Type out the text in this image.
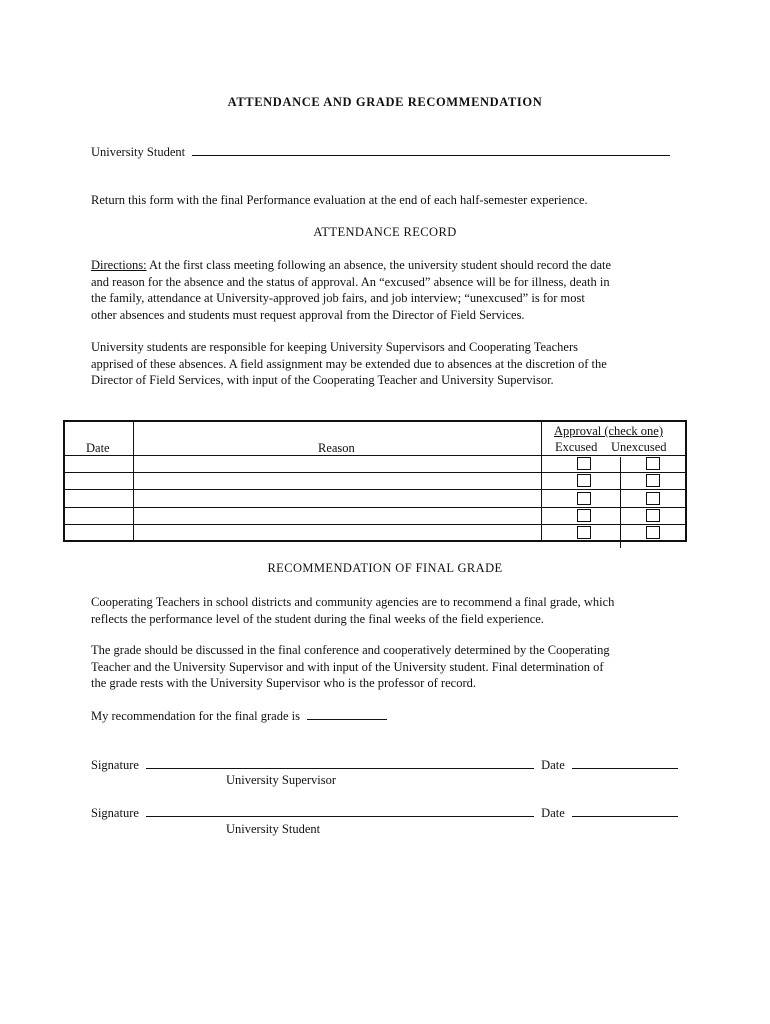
ATTENDANCE AND GRADE RECOMMENDATION
University Student
Return this form with the final Performance evaluation at the end of each half-semester experience.
ATTENDANCE RECORD
Directions: At the first class meeting following an absence, the university student should record the date
and reason for the absence and the status of approval. An “excused” absence will be for illness, death in
the family, attendance at University-approved job fairs, and job interview; “unexcused” is for most
other absences and students must request approval from the Director of Field Services.
University students are responsible for keeping University Supervisors and Cooperating Teachers
apprised of these absences. A field assignment may be extended due to absences at the discretion of the
Director of Field Services, with input of the Cooperating Teacher and University Supervisor.
Date	Reason
Approval (check one)
Excused Unexcused
RECOMMENDATION OF FINAL GRADE
Cooperating Teachers in school districts and community agencies are to recommend a final grade, which
reflects the performance level of the student during the final weeks of the field experience.
The grade should be discussed in the final conference and cooperatively determined by the Cooperating
Teacher and the University Supervisor and with input of the University student. Final determination of
the grade rests with the University Supervisor who is the professor of record.
My recommendation for the final grade is
Signature	Date
University Supervisor
Signature	Date
University Student
